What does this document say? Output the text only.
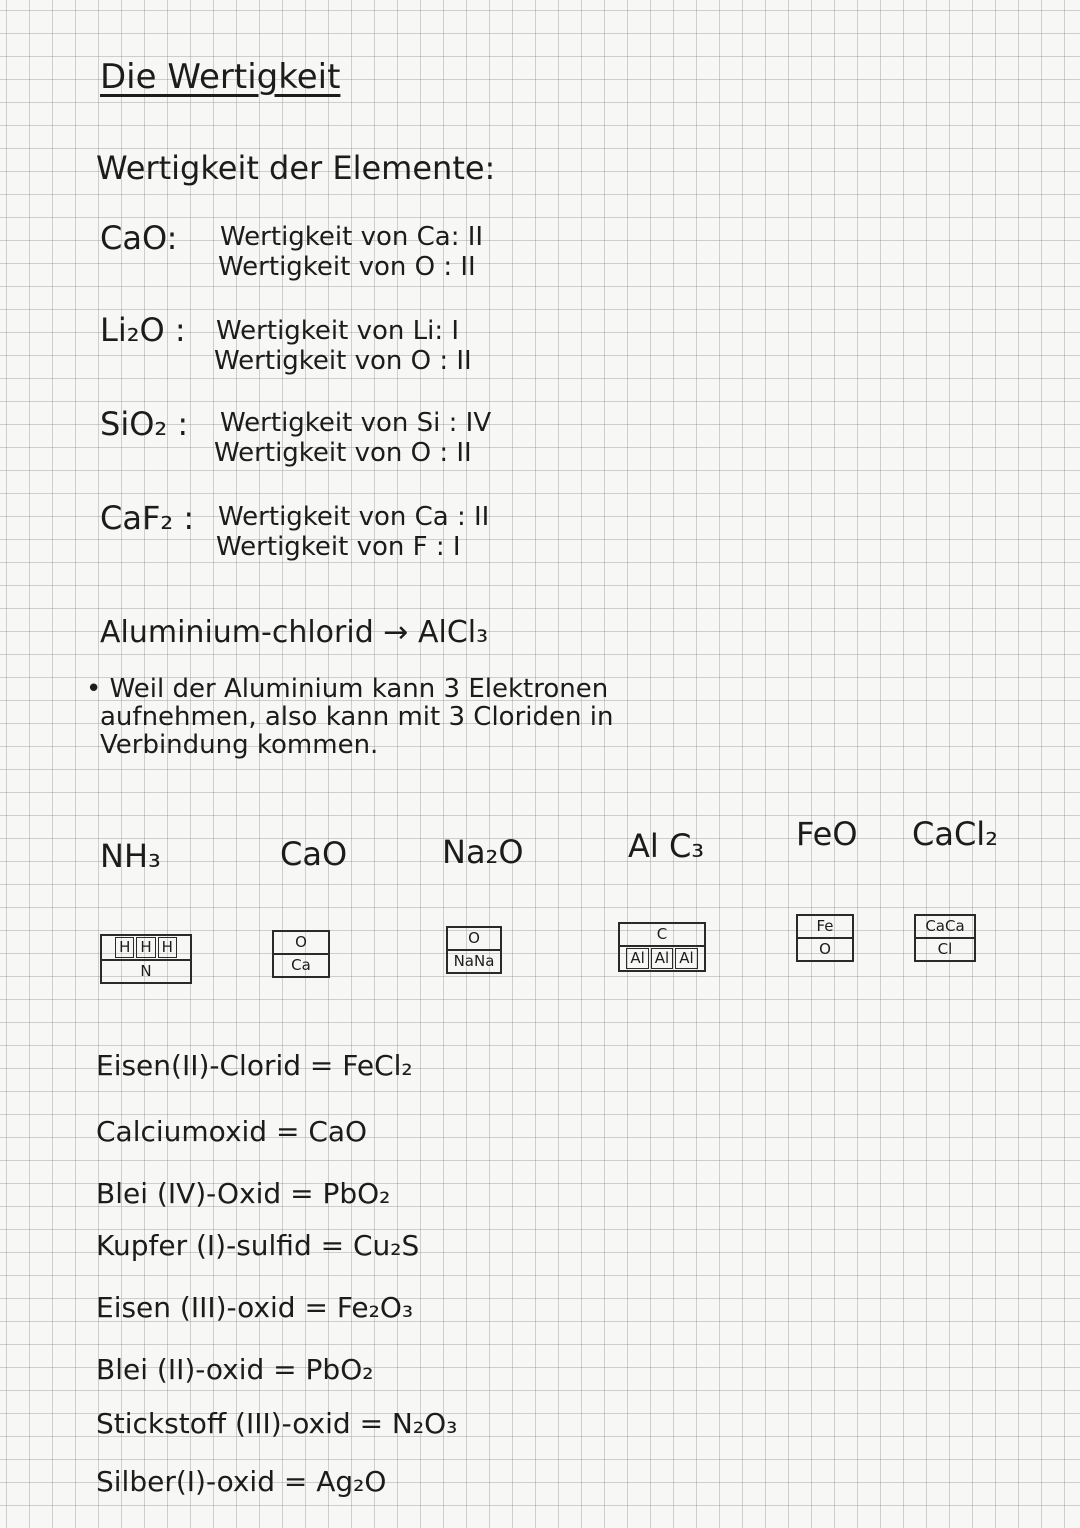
Die Wertigkeit
Wertigkeit der Elemente:
CaO: Wertigkeit von Ca: II
Wertigkeit von O : II
Li₂O : Wertigkeit von Li: I
Wertigkeit von O : II
SiO₂ : Wertigkeit von Si : IV
Wertigkeit von O : II
CaF₂ : Wertigkeit von Ca : II
Wertigkeit von F : I
Aluminium-chlorid → AlCl₃
• Weil der Aluminium kann 3 Elektronen
aufnehmen, also kann mit 3 Cloriden in
Verbindung kommen.
NH₃	CaO	Na₂O	Al C₃	FeO CaCl₂
H H H
N
O
Ca
O
NaNa
C
Al Al Al
Fe
O
CaCa
Cl
Eisen(II)-Clorid = FeCl₂
Calciumoxid = CaO
Blei (IV)-Oxid = PbO₂
Kupfer (I)-sulfid = Cu₂S
Eisen (III)-oxid = Fe₂O₃
Blei (II)-oxid = PbO₂
Stickstoff (III)-oxid = N₂O₃
Silber(I)-oxid = Ag₂O
